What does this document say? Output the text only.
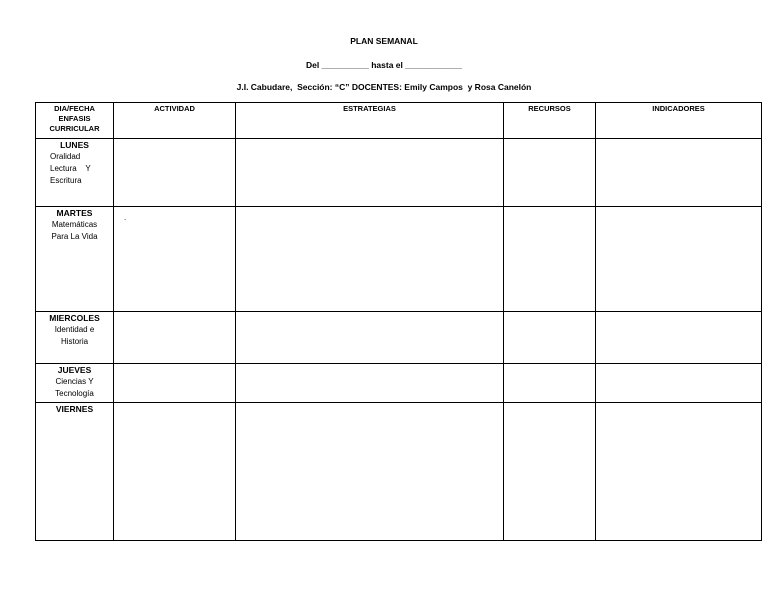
PLAN SEMANAL
Del __________ hasta el ____________
J.I. Cabudare,  Sección: “C” DOCENTES: Emily Campos  y Rosa Canelón
DIA/FECHA
ENFASIS
CURRICULAR	ACTIVIDAD	ESTRATEGIAS	RECURSOS	INDICADORES

LUNES
Oralidad
Lectura    Y
Escritura				

MARTES
Matemáticas
Para La Vida	.			

MIERCOLES
Identidad e
Historia				

JUEVES
Ciencias Y
Tecnología				

VIERNES				
